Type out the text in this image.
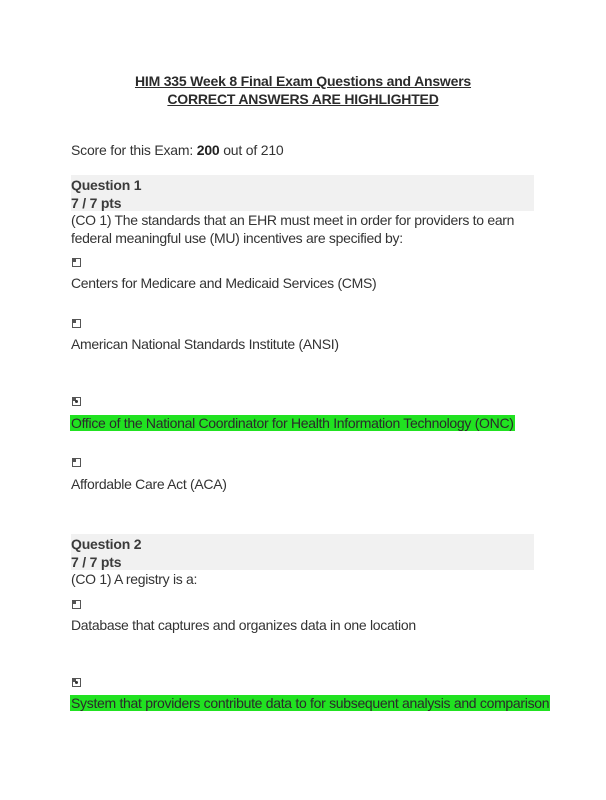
HIM 335 Week 8 Final Exam Questions and Answers
CORRECT ANSWERS ARE HIGHLIGHTED
Score for this Exam: 200 out of 210
Question 1
7 / 7 pts
(CO 1) The standards that an EHR must meet in order for providers to earn federal meaningful use (MU) incentives are specified by:
Centers for Medicare and Medicaid Services (CMS)
American National Standards Institute (ANSI)
Office of the National Coordinator for Health Information Technology (ONC)
Affordable Care Act (ACA)
Question 2
7 / 7 pts
(CO 1) A registry is a:
Database that captures and organizes data in one location
System that providers contribute data to for subsequent analysis and comparison
